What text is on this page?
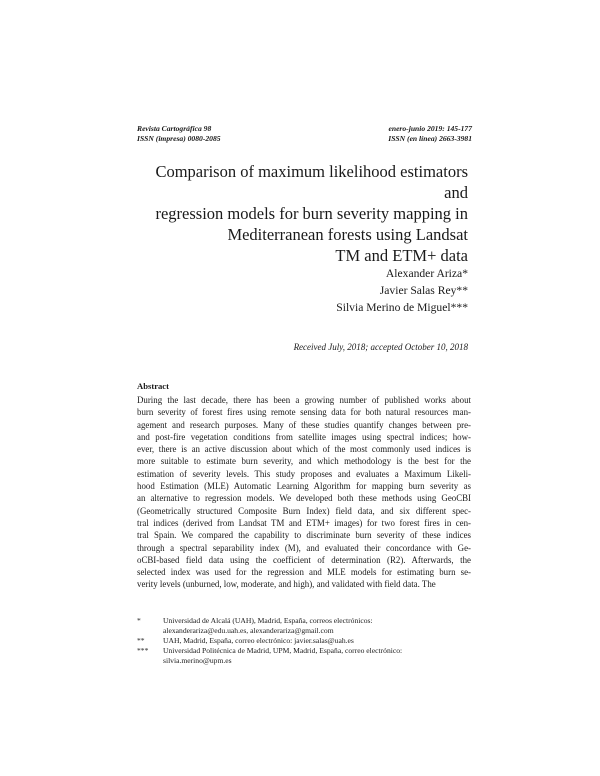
Revista Cartográfica 98
ISSN (impresa) 0080-2085
enero-junio 2019: 145-177
ISSN (en línea) 2663-3981
Comparison of maximum likelihood estimators and
regression models for burn severity mapping in
Mediterranean forests using Landsat
TM and ETM+ data
Alexander Ariza*
Javier Salas Rey**
Silvia Merino de Miguel***
Received July, 2018; accepted October 10, 2018
Abstract
During the last decade, there has been a growing number of published works about
burn severity of forest fires using remote sensing data for both natural resources man-
agement and research purposes. Many of these studies quantify changes between pre-
and post-fire vegetation conditions from satellite images using spectral indices; how-
ever, there is an active discussion about which of the most commonly used indices is
more suitable to estimate burn severity, and which methodology is the best for the
estimation of severity levels. This study proposes and evaluates a Maximum Likeli-
hood Estimation (MLE) Automatic Learning Algorithm for mapping burn severity as
an alternative to regression models. We developed both these methods using GeoCBI
(Geometrically structured Composite Burn Index) field data, and six different spec-
tral indices (derived from Landsat TM and ETM+ images) for two forest fires in cen-
tral Spain. We compared the capability to discriminate burn severity of these indices
through a spectral separability index (M), and evaluated their concordance with Ge-
oCBI-based field data using the coefficient of determination (R2). Afterwards, the
selected index was used for the regression and MLE models for estimating burn se-
verity levels (unburned, low, moderate, and high), and validated with field data. The
*	Universidad de Alcalá (UAH), Madrid, España, correos electrónicos:
alexanderariza@edu.uah.es, alexanderariza@gmail.com
**	UAH, Madrid, España, correo electrónico: javier.salas@uah.es
***	Universidad Politécnica de Madrid, UPM, Madrid, España, correo electrónico:
silvia.merino@upm.es
